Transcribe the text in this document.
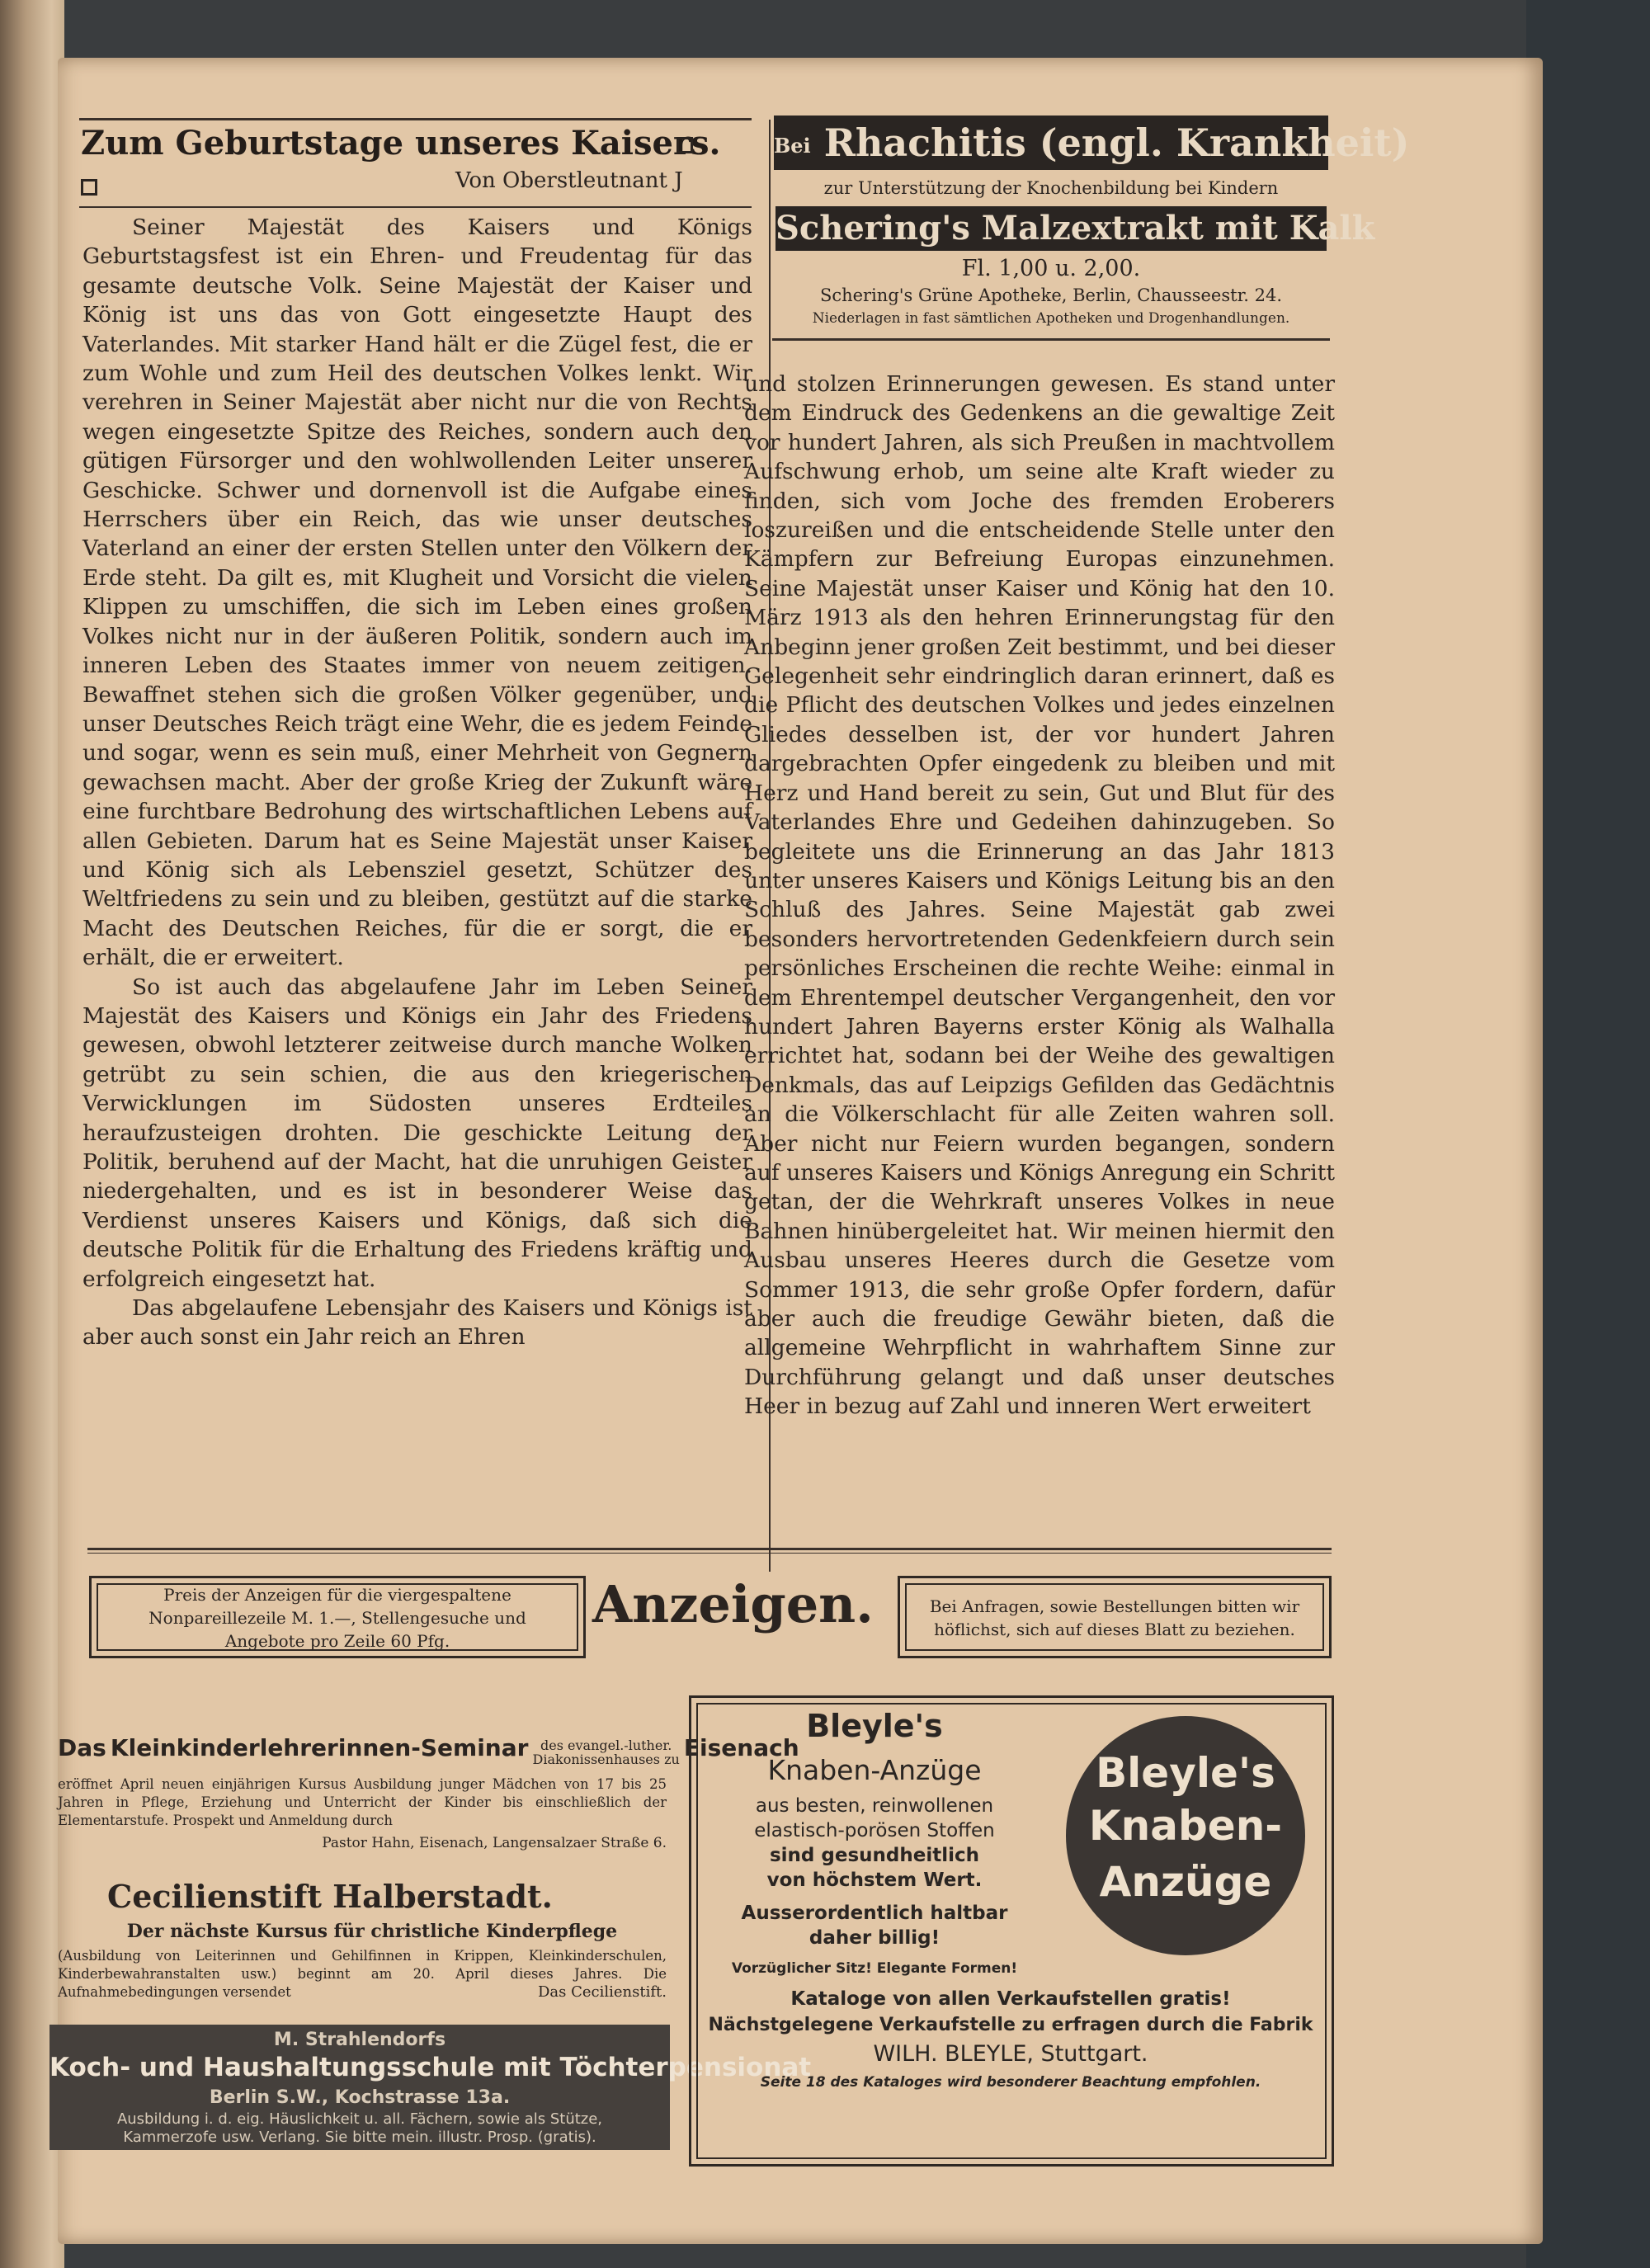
Zum Geburtstage unseres Kaisers.
Von Oberstleutnant J

Seiner Majestät des Kaisers und Königs Geburtstagsfest ist ein Ehren- und Freudentag für das gesamte deutsche Volk. Seine Majestät der Kaiser und König ist uns das von Gott eingesetzte Haupt des Vaterlandes. Mit starker Hand hält er die Zügel fest, die er zum Wohle und zum Heil des deutschen Volkes lenkt. Wir verehren in Seiner Majestät aber nicht nur die von Rechts wegen eingesetzte Spitze des Reiches, sondern auch den gütigen Fürsorger und den wohlwollenden Leiter unserer Geschicke. Schwer und dornenvoll ist die Aufgabe eines Herrschers über ein Reich, das wie unser deutsches Vaterland an einer der ersten Stellen unter den Völkern der Erde steht. Da gilt es, mit Klugheit und Vorsicht die vielen Klippen zu umschiffen, die sich im Leben eines großen Volkes nicht nur in der äußeren Politik, sondern auch im inneren Leben des Staates immer von neuem zeitigen. Bewaffnet stehen sich die großen Völker gegenüber, und unser Deutsches Reich trägt eine Wehr, die es jedem Feinde und sogar, wenn es sein muß, einer Mehrheit von Gegnern gewachsen macht. Aber der große Krieg der Zukunft wäre eine furchtbare Bedrohung des wirtschaftlichen Lebens auf allen Gebieten. Darum hat es Seine Majestät unser Kaiser und König sich als Lebensziel gesetzt, Schützer des Weltfriedens zu sein und zu bleiben, gestützt auf die starke Macht des Deutschen Reiches, für die er sorgt, die er erhält, die er erweitert.

So ist auch das abgelaufene Jahr im Leben Seiner Majestät des Kaisers und Königs ein Jahr des Friedens gewesen, obwohl letzterer zeitweise durch manche Wolken getrübt zu sein schien, die aus den kriegerischen Verwicklungen im Südosten unseres Erdteiles heraufzusteigen drohten. Die geschickte Leitung der Politik, beruhend auf der Macht, hat die unruhigen Geister niedergehalten, und es ist in besonderer Weise das Verdienst unseres Kaisers und Königs, daß sich die deutsche Politik für die Erhaltung des Friedens kräftig und erfolgreich eingesetzt hat.

Das abgelaufene Lebensjahr des Kaisers und Königs ist aber auch sonst ein Jahr reich an Ehren

Bei Rhachitis (engl. Krankheit)
zur Unterstützung der Knochenbildung bei Kindern
Schering's Malzextrakt mit Kalk
Fl. 1,00 u. 2,00.
Schering's Grüne Apotheke, Berlin, Chausseestr. 24.
Niederlagen in fast sämtlichen Apotheken und Drogenhandlungen.

und stolzen Erinnerungen gewesen. Es stand unter dem Eindruck des Gedenkens an die gewaltige Zeit vor hundert Jahren, als sich Preußen in machtvollem Aufschwung erhob, um seine alte Kraft wieder zu finden, sich vom Joche des fremden Eroberers loszureißen und die entscheidende Stelle unter den Kämpfern zur Befreiung Europas einzunehmen. Seine Majestät unser Kaiser und König hat den 10. März 1913 als den hehren Erinnerungstag für den Anbeginn jener großen Zeit bestimmt, und bei dieser Gelegenheit sehr eindringlich daran erinnert, daß es die Pflicht des deutschen Volkes und jedes einzelnen Gliedes desselben ist, der vor hundert Jahren dargebrachten Opfer eingedenk zu bleiben und mit Herz und Hand bereit zu sein, Gut und Blut für des Vaterlandes Ehre und Gedeihen dahinzugeben. So begleitete uns die Erinnerung an das Jahr 1813 unter unseres Kaisers und Königs Leitung bis an den Schluß des Jahres. Seine Majestät gab zwei besonders hervortretenden Gedenkfeiern durch sein persönliches Erscheinen die rechte Weihe: einmal in dem Ehrentempel deutscher Vergangenheit, den vor hundert Jahren Bayerns erster König als Walhalla errichtet hat, sodann bei der Weihe des gewaltigen Denkmals, das auf Leipzigs Gefilden das Gedächtnis an die Völkerschlacht für alle Zeiten wahren soll. Aber nicht nur Feiern wurden begangen, sondern auf unseres Kaisers und Königs Anregung ein Schritt getan, der die Wehrkraft unseres Volkes in neue Bahnen hinübergeleitet hat. Wir meinen hiermit den Ausbau unseres Heeres durch die Gesetze vom Sommer 1913, die sehr große Opfer fordern, dafür aber auch die freudige Gewähr bieten, daß die allgemeine Wehrpflicht in wahrhaftem Sinne zur Durchführung gelangt und daß unser deutsches Heer in bezug auf Zahl und inneren Wert erweitert

Preis der Anzeigen für die viergespaltene
Nonpareillezeile M. 1.—, Stellengesuche und
Angebote pro Zeile 60 Pfg.
Anzeigen.	Bei Anfragen, sowie Bestellungen bitten wir
höflichst, sich auf dieses Blatt zu beziehen.
Das Kleinkinderlehrerinnen-Seminar des evangel.-luther.
Diakonissenhauses zu Eisenach
eröffnet April neuen einjährigen Kursus Ausbildung junger Mädchen von 17 bis 25 Jahren in Pflege, Erziehung und Unterricht der Kinder bis einschließlich der Elementarstufe. Prospekt und Anmeldung durch
Pastor Hahn, Eisenach, Langensalzaer Straße 6.
Cecilienstift Halberstadt.
Der nächste Kursus für christliche Kinderpflege
(Ausbildung von Leiterinnen und Gehilfinnen in Krippen, Kleinkinderschulen, Kinderbewahranstalten usw.) beginnt am 20. April dieses Jahres. Die Aufnahmebedingungen versendet	Das Cecilienstift.
M. Strahlendorfs
Koch- und Haushaltungsschule mit Töchterpensionat
Berlin S.W., Kochstrasse 13a.
Ausbildung i. d. eig. Häuslichkeit u. all. Fächern, sowie als Stütze,
Kammerzofe usw. Verlang. Sie bitte mein. illustr. Prosp. (gratis).
Bleyle's
Knaben-Anzüge
aus besten, reinwollenen
elastisch-porösen Stoffen
sind gesundheitlich
von höchstem Wert.
Ausserordentlich haltbar
daher billig!
Vorzüglicher Sitz! Elegante Formen!
Bleyle's
Knaben-
Anzüge
Kataloge von allen Verkaufstellen gratis!
Nächstgelegene Verkaufstelle zu erfragen durch die Fabrik
WILH. BLEYLE, Stuttgart.
Seite 18 des Kataloges wird besonderer Beachtung empfohlen.
